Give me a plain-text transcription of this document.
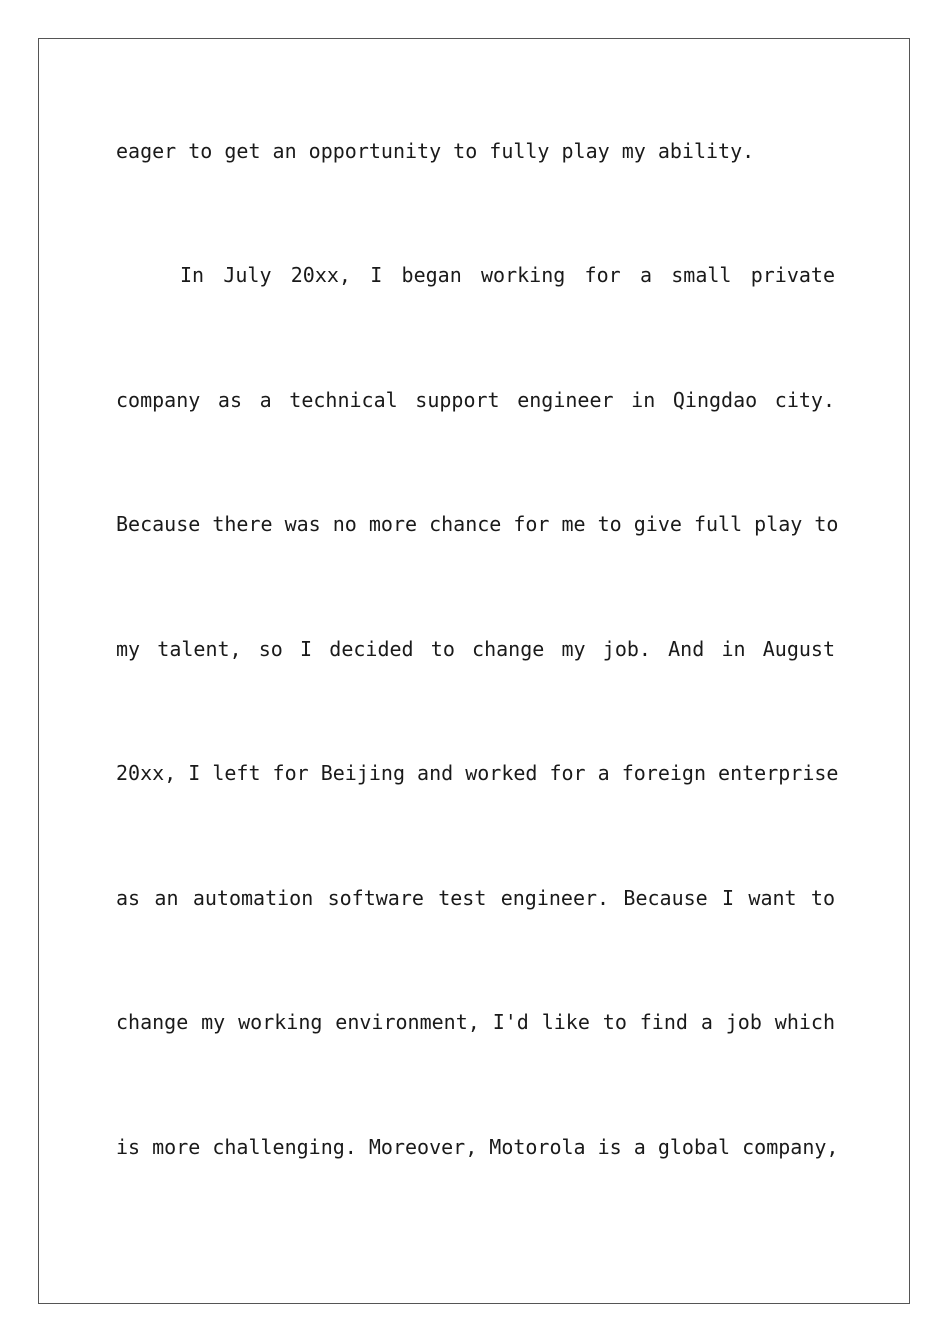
eager to get an opportunity to fully play my ability.
In July 20xx, I began working for a small private
company as a technical support engineer in Qingdao city.
Because there was no more chance for me to give full play to
my talent, so I decided to change my job. And in August
20xx, I left for Beijing and worked for a foreign enterprise
as an automation software test engineer. Because I want to
change my working environment, I'd like to find a job which
is more challenging. Moreover, Motorola is a global company,
